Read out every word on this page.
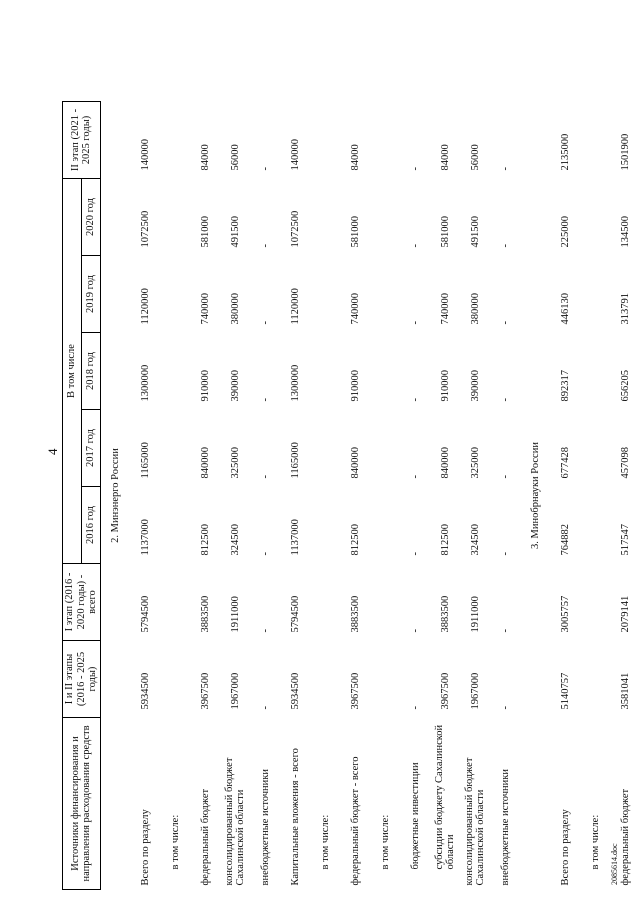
4
2085614.doc
Источники финансирования и направления расходования средств	I и II этапы (2016 - 2025 годы)	I этап (2016 - 2020 годы) - всего	В том числе					II этап (2021 - 2025 годы)
			2016 год	2017 год	2018 год	2019 год	2020 год	
2. Минэнерго России								
Всего по разделу	5934500	5794500	1137000	1165000	1300000	1120000	1072500	140000
в том числе:								
федеральный бюджет	3967500	3883500	812500	840000	910000	740000	581000	84000
консолидированный бюджет Сахалинской области	1967000	1911000	324500	325000	390000	380000	491500	56000
внебюджетные источники	-	-	-	-	-	-	-	-
Капитальные вложения - всего	5934500	5794500	1137000	1165000	1300000	1120000	1072500	140000
в том числе:								
федеральный бюджет - всего	3967500	3883500	812500	840000	910000	740000	581000	84000
в том числе:								
бюджетные инвестиции	-	-	-	-	-	-	-	-
субсидии бюджету Сахалинской области	3967500	3883500	812500	840000	910000	740000	581000	84000
консолидированный бюджет Сахалинской области	1967000	1911000	324500	325000	390000	380000	491500	56000
внебюджетные источники	-	-	-	-	-	-	-	-
3. Минобрнауки России								
Всего по разделу	5140757	3005757	764882	677428	892317	446130	225000	2135000
в том числе:								
федеральный бюджет	3581041	2079141	517547	457098	656205	313791	134500	1501900
